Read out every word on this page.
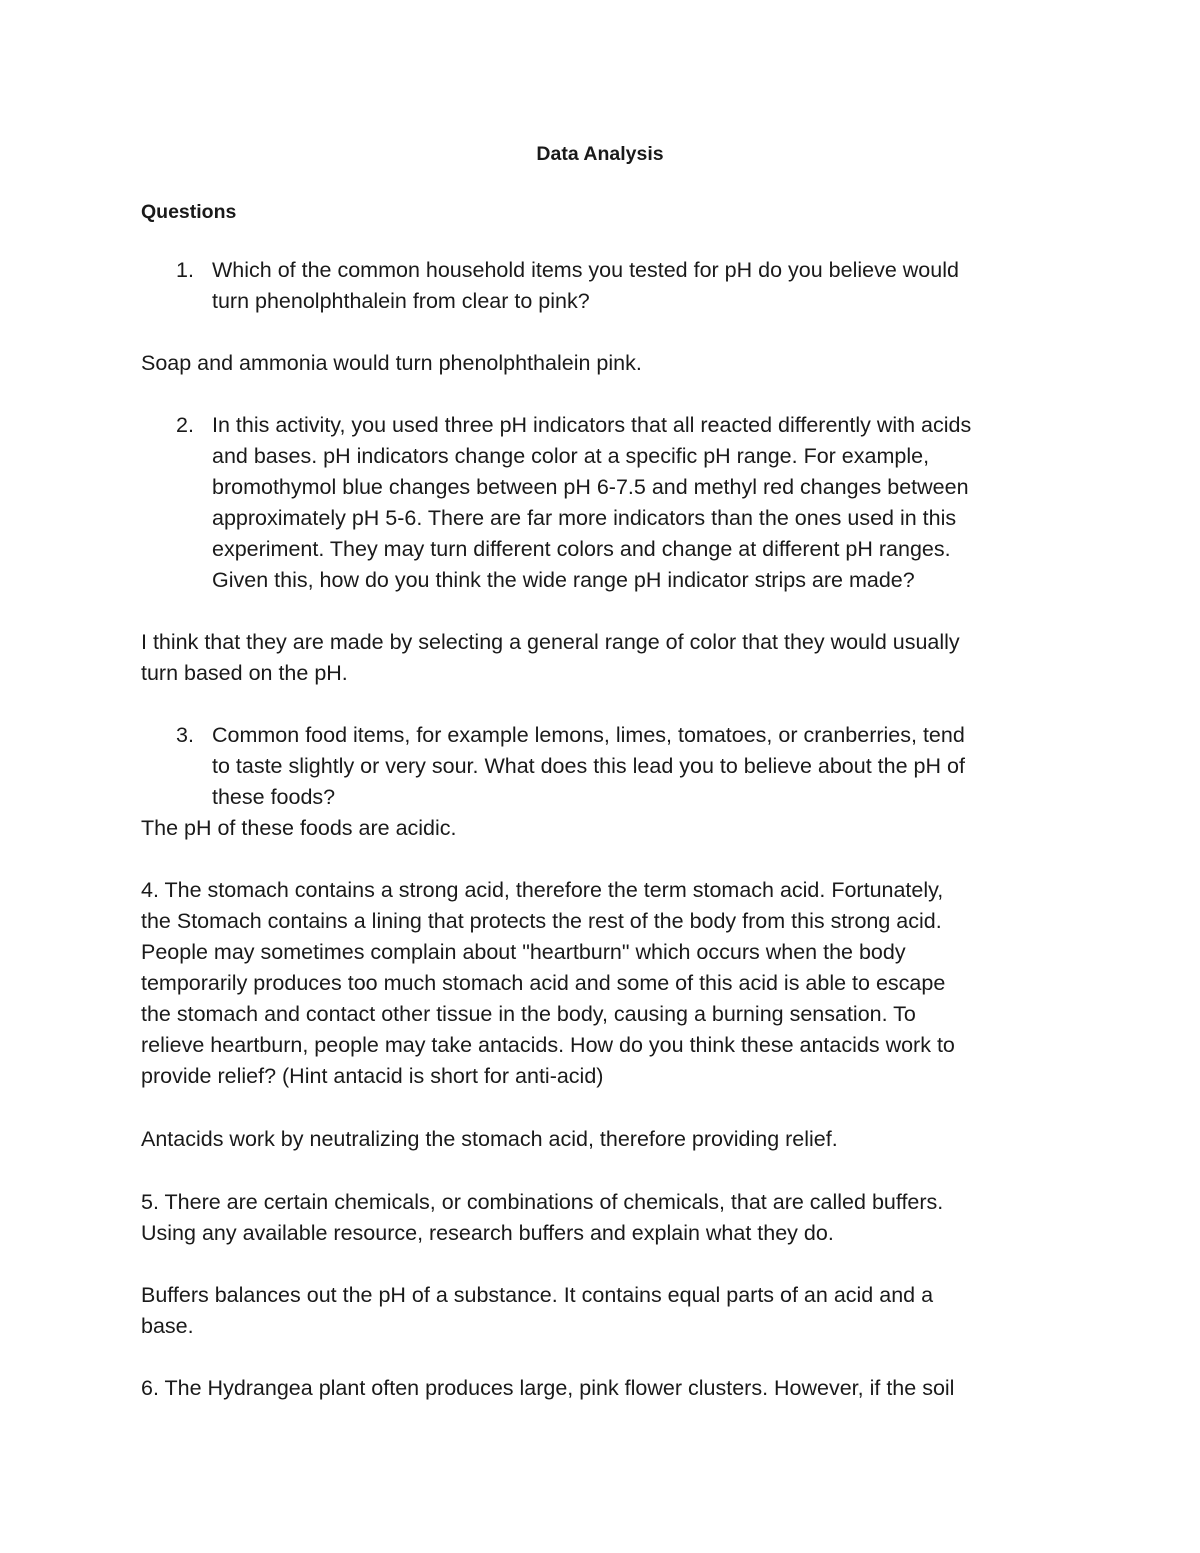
Data Analysis

Questions

1. Which of the common household items you tested for pH do you believe would

turn phenolphthalein from clear to pink?

Soap and ammonia would turn phenolphthalein pink.

2. In this activity, you used three pH indicators that all reacted differently with acids

and bases. pH indicators change color at a specific pH range. For example,

bromothymol blue changes between pH 6-7.5 and methyl red changes between

approximately pH 5-6. There are far more indicators than the ones used in this

experiment. They may turn different colors and change at different pH ranges.

Given this, how do you think the wide range pH indicator strips are made?

I think that they are made by selecting a general range of color that they would usually

turn based on the pH.

3. Common food items, for example lemons, limes, tomatoes, or cranberries, tend

to taste slightly or very sour. What does this lead you to believe about the pH of

these foods?

The pH of these foods are acidic.

4. The stomach contains a strong acid, therefore the term stomach acid. Fortunately,

the Stomach contains a lining that protects the rest of the body from this strong acid.

People may sometimes complain about "heartburn" which occurs when the body

temporarily produces too much stomach acid and some of this acid is able to escape

the stomach and contact other tissue in the body, causing a burning sensation. To

relieve heartburn, people may take antacids. How do you think these antacids work to

provide relief? (Hint antacid is short for anti-acid)

Antacids work by neutralizing the stomach acid, therefore providing relief.

5. There are certain chemicals, or combinations of chemicals, that are called buffers.

Using any available resource, research buffers and explain what they do.

Buffers balances out the pH of a substance. It contains equal parts of an acid and a

base.

6. The Hydrangea plant often produces large, pink flower clusters. However, if the soil
